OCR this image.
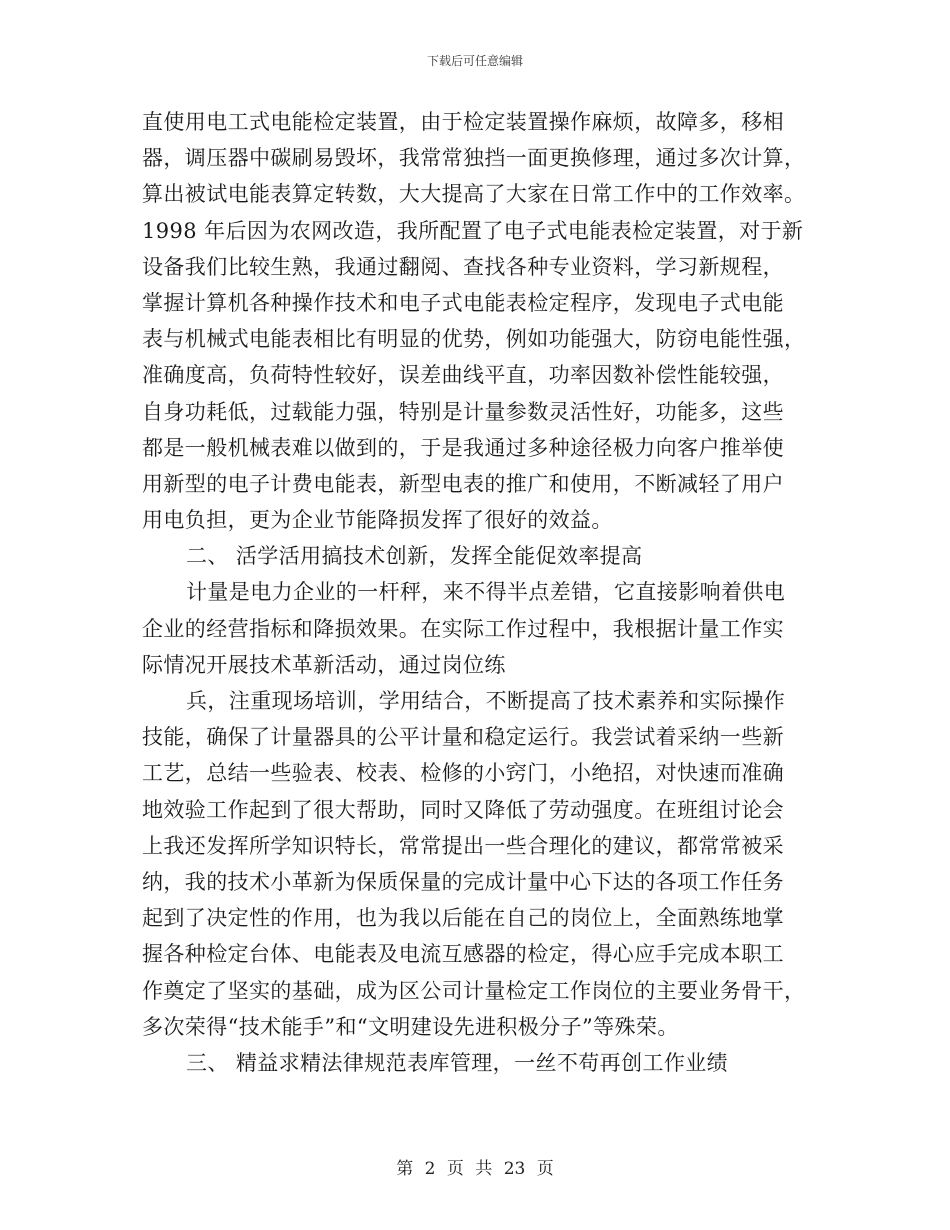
下载后可任意编辑
直使用电工式电能检定装置，由于检定装置操作麻烦，故障多，移相
器，调压器中碳刷易毁坏，我常常独挡一面更换修理，通过多次计算，
算出被试电能表算定转数，大大提高了大家在日常工作中的工作效率。
1998 年后因为农网改造，我所配置了电子式电能表检定装置，对于新
设备我们比较生熟，我通过翻阅、查找各种专业资料，学习新规程，
掌握计算机各种操作技术和电子式电能表检定程序，发现电子式电能
表与机械式电能表相比有明显的优势，例如功能强大，防窃电能性强，
准确度高，负荷特性较好，误差曲线平直，功率因数补偿性能较强，
自身功耗低，过载能力强，特别是计量参数灵活性好，功能多，这些
都是一般机械表难以做到的，于是我通过多种途径极力向客户推举使
用新型的电子计费电能表，新型电表的推广和使用，不断减轻了用户
用电负担，更为企业节能降损发挥了很好的效益。
二、 活学活用搞技术创新，发挥全能促效率提高
计量是电力企业的一杆秤，来不得半点差错，它直接影响着供电
企业的经营指标和降损效果。在实际工作过程中，我根据计量工作实
际情况开展技术革新活动，通过岗位练
兵，注重现场培训，学用结合，不断提高了技术素养和实际操作
技能，确保了计量器具的公平计量和稳定运行。我尝试着采纳一些新
工艺，总结一些验表、校表、检修的小窍门，小绝招，对快速而准确
地效验工作起到了很大帮助，同时又降低了劳动强度。在班组讨论会
上我还发挥所学知识特长，常常提出一些合理化的建议，都常常被采
纳，我的技术小革新为保质保量的完成计量中心下达的各项工作任务
起到了决定性的作用，也为我以后能在自己的岗位上，全面熟练地掌
握各种检定台体、电能表及电流互感器的检定，得心应手完成本职工
作奠定了坚实的基础，成为区公司计量检定工作岗位的主要业务骨干，
多次荣得“技术能手”和“文明建设先进积极分子”等殊荣。
三、 精益求精法律规范表库管理，一丝不苟再创工作业绩
第 2 页 共 23 页
